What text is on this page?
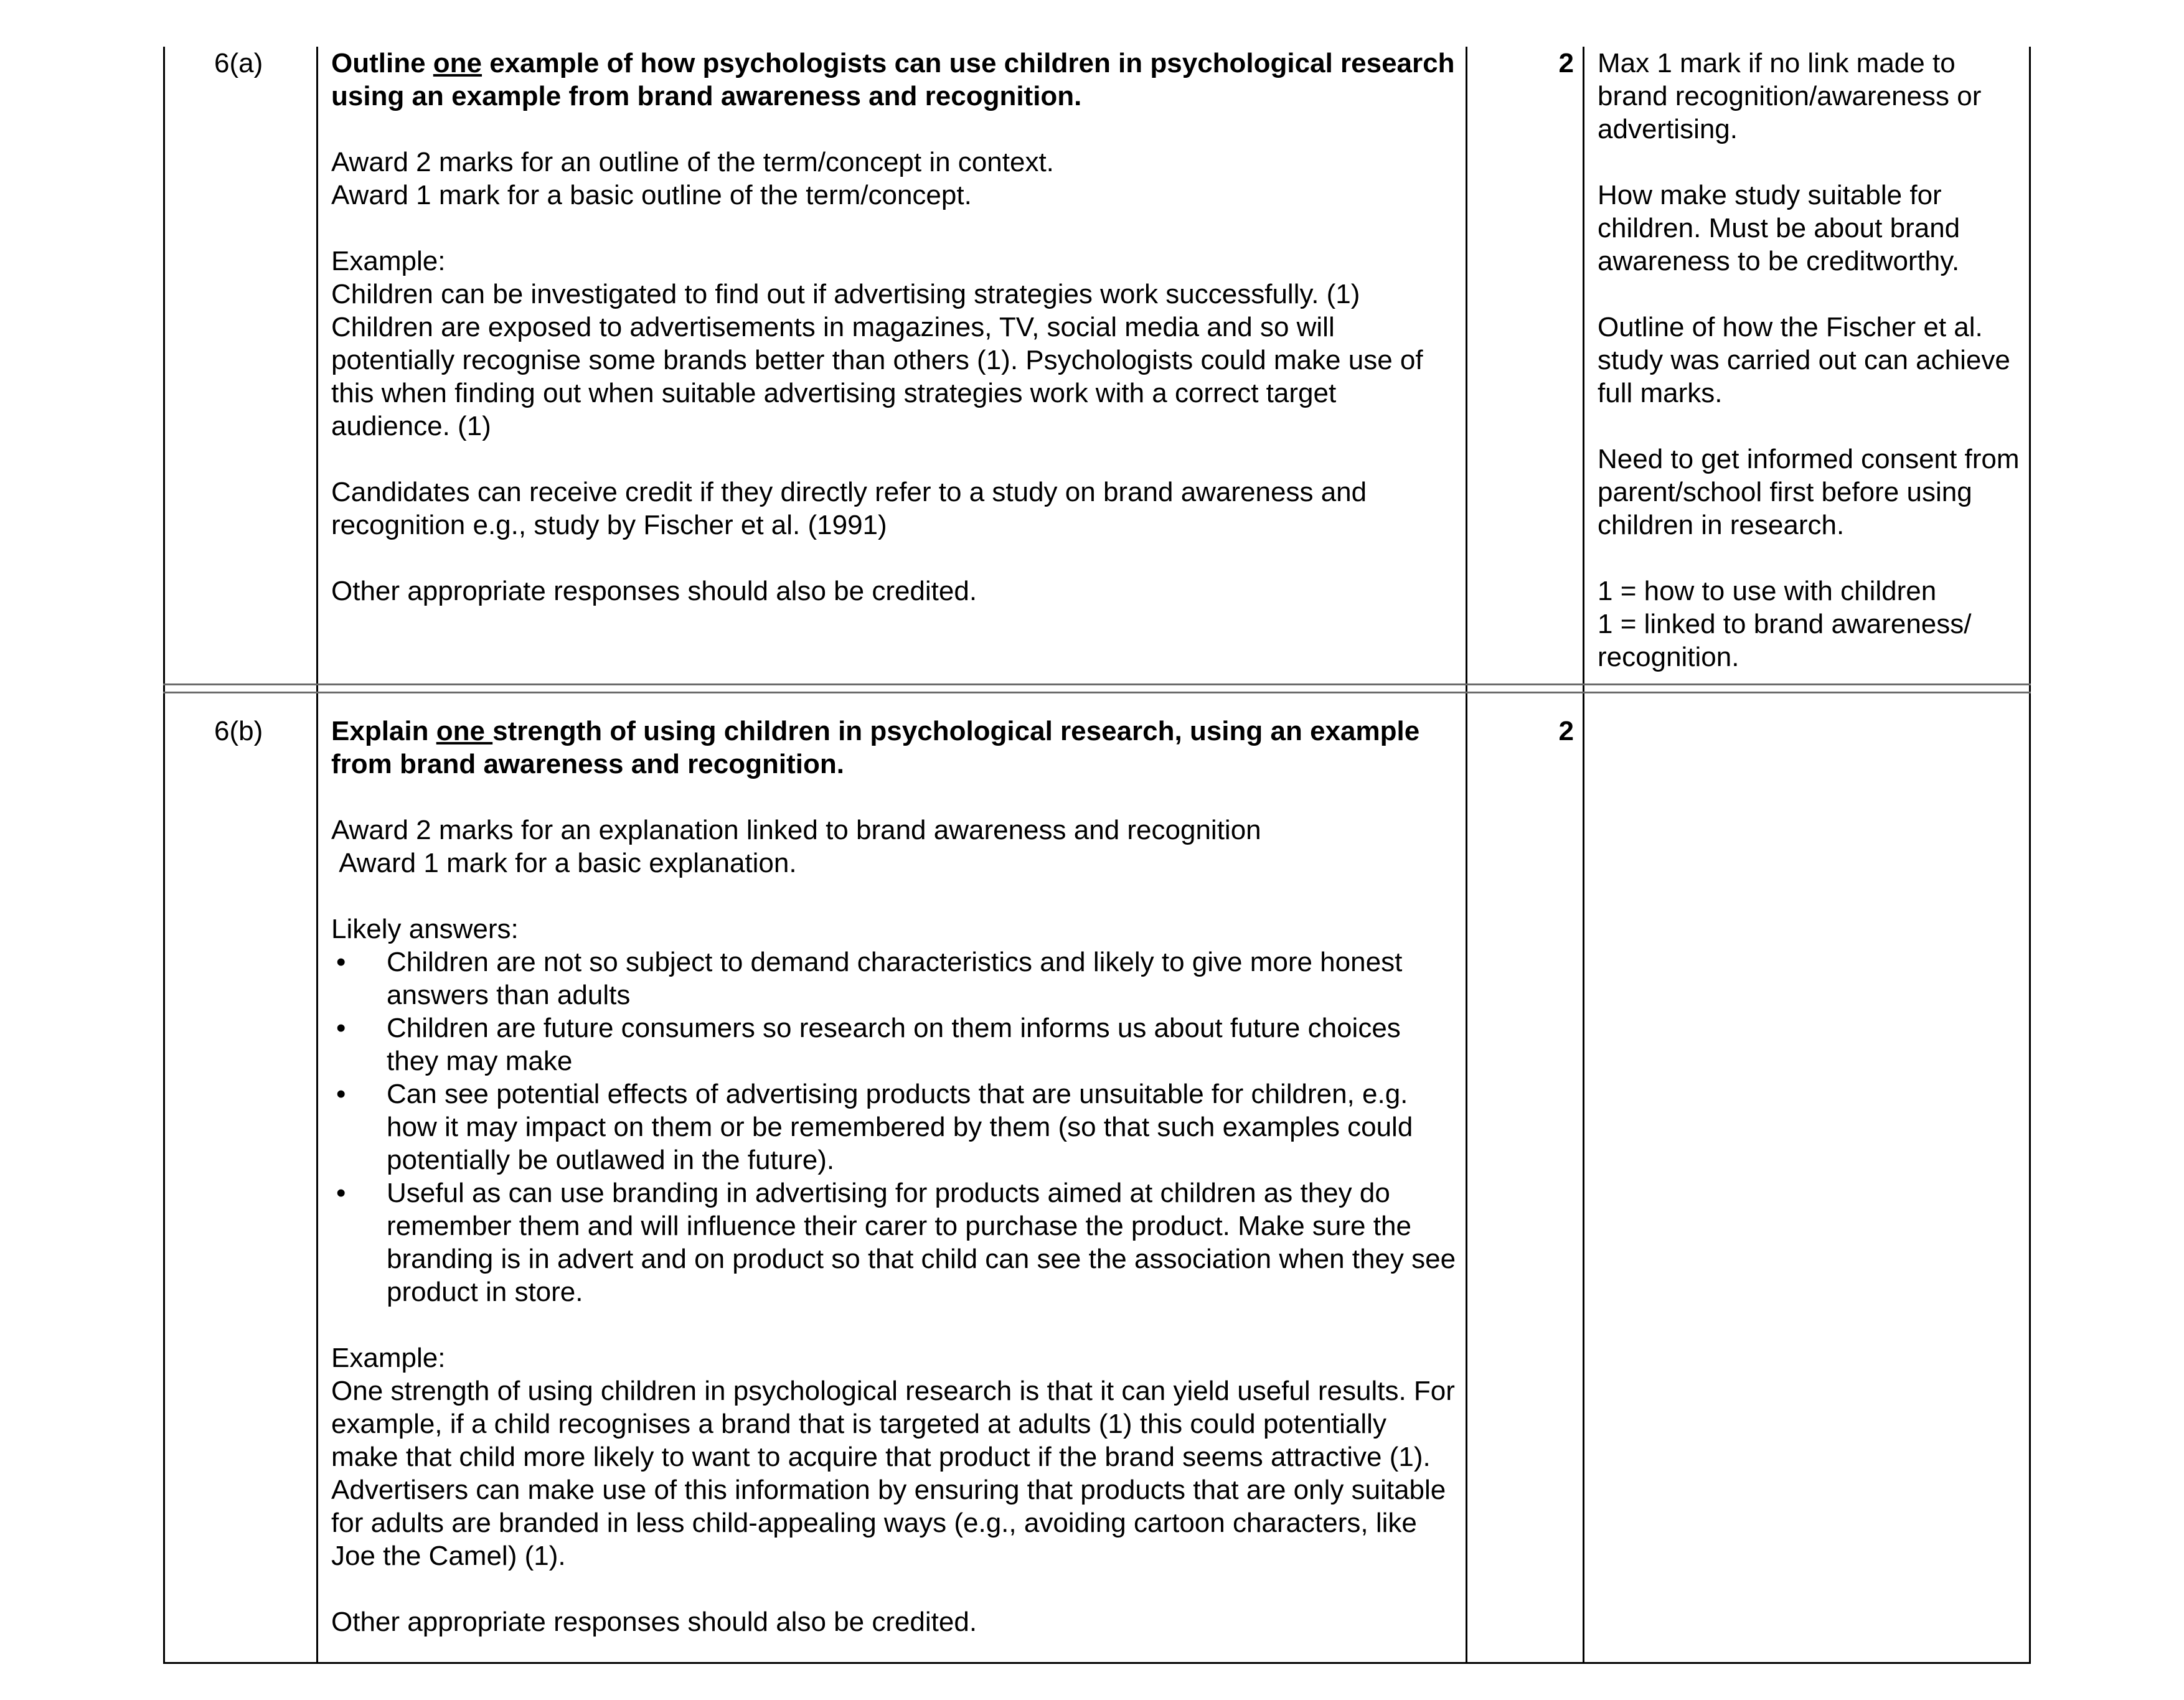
6(a)	Outline one example of how psychologists can use children in psychological research using an example from brand awareness and recognition.

Award 2 marks for an outline of the term/concept in context.

Award 1 mark for a basic outline of the term/concept.

Example:

Children can be investigated to find out if advertising strategies work successfully. (1) Children are exposed to advertisements in magazines, TV, social media and so will potentially recognise some brands better than others (1). Psychologists could make use of this when finding out when suitable advertising strategies work with a correct target audience. (1)

Candidates can receive credit if they directly refer to a study on brand awareness and recognition e.g., study by Fischer et al. (1991)

Other appropriate responses should also be credited.

2 Max 1 mark if no link made to brand recognition/awareness or advertising.

How make study suitable for children. Must be about brand awareness to be creditworthy.

Outline of how the Fischer et al. study was carried out can achieve full marks.

Need to get informed consent from parent/school first before using children in research.

1 = how to use with children
1 = linked to brand awareness/ recognition.

6(b)	Explain one strength of using children in psychological research, using an example from brand awareness and recognition.

Award 2 marks for an explanation linked to brand awareness and recognition

Award 1 mark for a basic explanation.

Likely answers:

• Children are not so subject to demand characteristics and likely to give more honest answers than adults
• Children are future consumers so research on them informs us about future choices they may make
• Can see potential effects of advertising products that are unsuitable for children, e.g. how it may impact on them or be remembered by them (so that such examples could potentially be outlawed in the future).
• Useful as can use branding in advertising for products aimed at children as they do remember them and will influence their carer to purchase the product. Make sure the branding is in advert and on product so that child can see the association when they see product in store.

Example:

One strength of using children in psychological research is that it can yield useful results. For example, if a child recognises a brand that is targeted at adults (1) this could potentially make that child more likely to want to acquire that product if the brand seems attractive (1). Advertisers can make use of this information by ensuring that products that are only suitable for adults are branded in less child-appealing ways (e.g., avoiding cartoon characters, like Joe the Camel) (1).

Other appropriate responses should also be credited.

2
